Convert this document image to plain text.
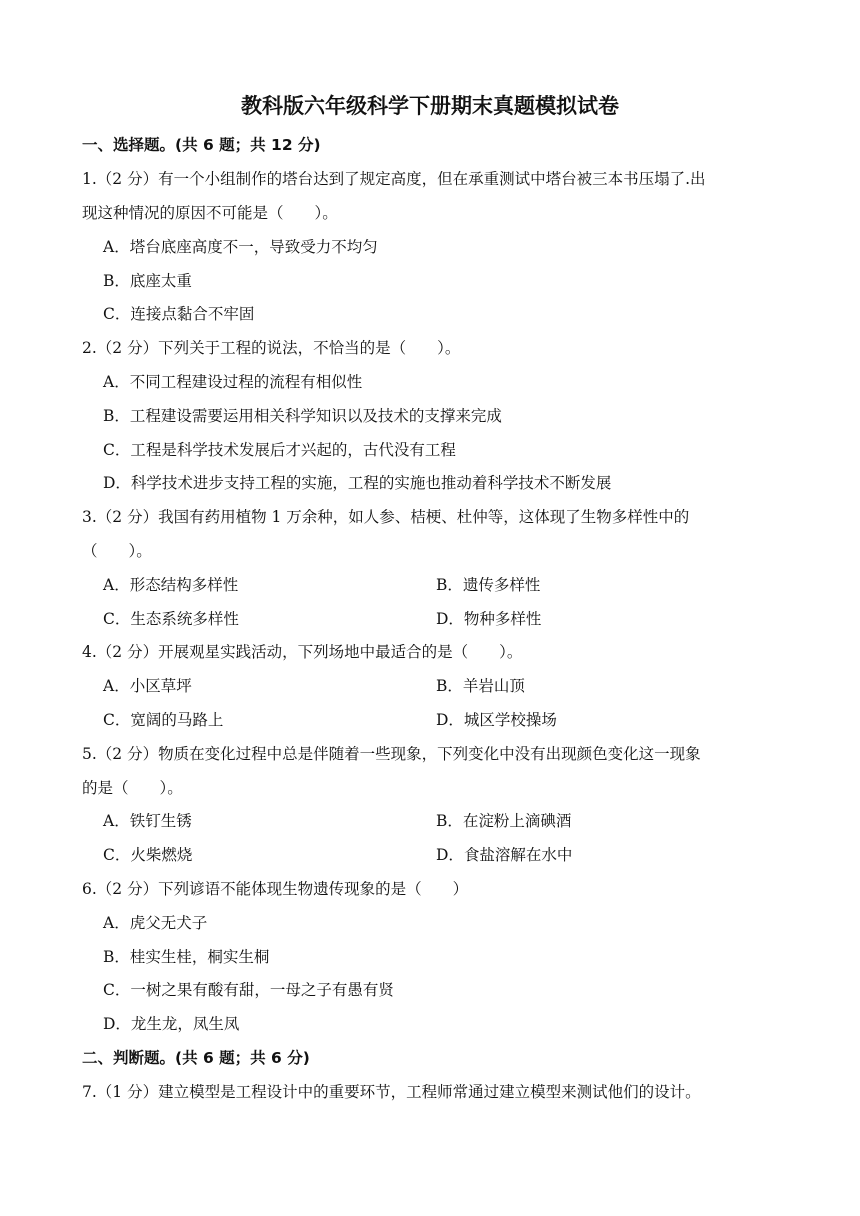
教科版六年级科学下册期末真题模拟试卷
一、选择题。(共 6 题；共 12 分)
1.（2 分）有一个小组制作的塔台达到了规定高度，但在承重测试中塔台被三本书压塌了.出
现这种情况的原因不可能是（　　）。
A．塔台底座高度不一，导致受力不均匀
B．底座太重
C．连接点黏合不牢固
2.（2 分）下列关于工程的说法，不恰当的是（　　）。
A．不同工程建设过程的流程有相似性
B．工程建设需要运用相关科学知识以及技术的支撑来完成
C．工程是科学技术发展后才兴起的，古代没有工程
D．科学技术进步支持工程的实施，工程的实施也推动着科学技术不断发展
3.（2 分）我国有药用植物 1 万余种，如人参、桔梗、杜仲等，这体现了生物多样性中的
（　　）。
A．形态结构多样性	B．遗传多样性
C．生态系统多样性	D．物种多样性
4.（2 分）开展观星实践活动，下列场地中最适合的是（　　）。
A．小区草坪	B．羊岩山顶
C．宽阔的马路上	D．城区学校操场
5.（2 分）物质在变化过程中总是伴随着一些现象，下列变化中没有出现颜色变化这一现象
的是（　　）。
A．铁钉生锈	B．在淀粉上滴碘酒
C．火柴燃烧	D．食盐溶解在水中
6.（2 分）下列谚语不能体现生物遗传现象的是（　　）
A．虎父无犬子
B．桂实生桂，桐实生桐
C．一树之果有酸有甜，一母之子有愚有贤
D．龙生龙，凤生凤
二、判断题。(共 6 题；共 6 分)
7.（1 分）建立模型是工程设计中的重要环节，工程师常通过建立模型来测试他们的设计。
